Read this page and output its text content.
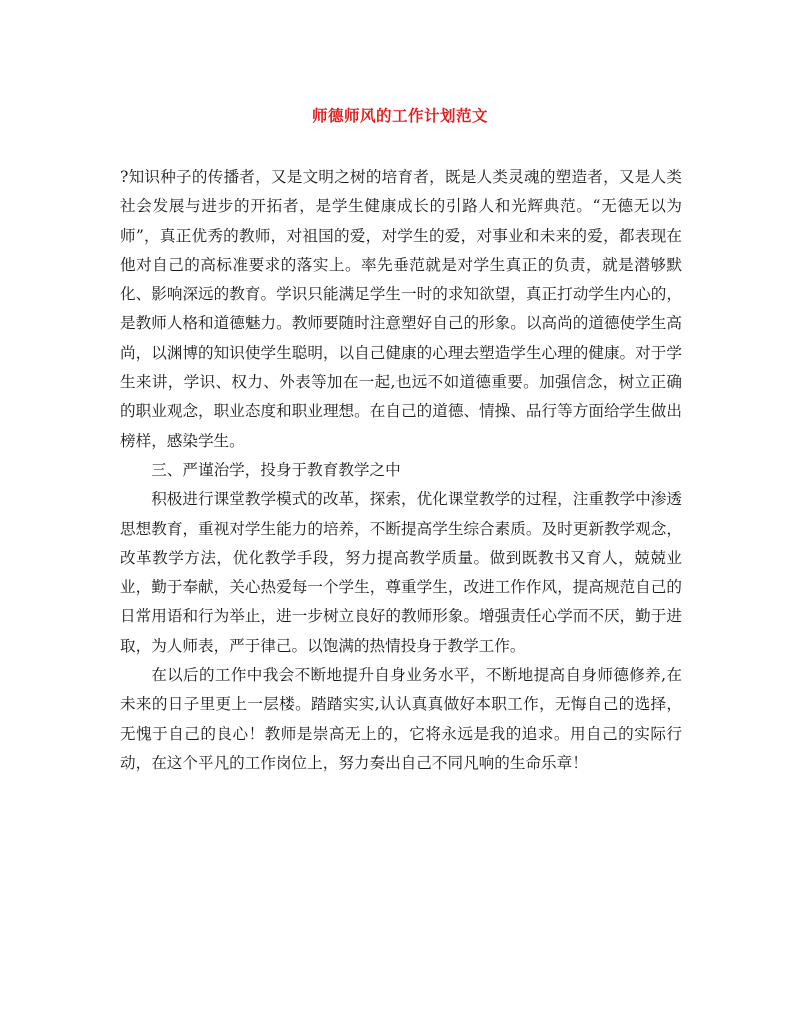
师德师风的工作计划范文

?知识种子的传播者，又是文明之树的培育者，既是人类灵魂的塑造者，又是人类社会发展与进步的开拓者，是学生健康成长的引路人和光辉典范。“无德无以为师”，真正优秀的教师，对祖国的爱，对学生的爱，对事业和未来的爱，都表现在他对自己的高标准要求的落实上。率先垂范就是对学生真正的负责，就是潜够默化、影响深远的教育。学识只能满足学生一时的求知欲望，真正打动学生内心的，是教师人格和道德魅力。教师要随时注意塑好自己的形象。以高尚的道德使学生高尚，以渊博的知识使学生聪明，以自己健康的心理去塑造学生心理的健康。对于学生来讲，学识、权力、外表等加在一起,也远不如道德重要。加强信念，树立正确的职业观念，职业态度和职业理想。在自己的道德、情操、品行等方面给学生做出榜样，感染学生。

三、严谨治学，投身于教育教学之中

积极进行课堂教学模式的改革，探索，优化课堂教学的过程，注重教学中渗透思想教育，重视对学生能力的培养，不断提高学生综合素质。及时更新教学观念，改革教学方法，优化教学手段，努力提高教学质量。做到既教书又育人，兢兢业业，勤于奉献，关心热爱每一个学生，尊重学生，改进工作作风，提高规范自己的日常用语和行为举止，进一步树立良好的教师形象。增强责任心学而不厌，勤于进取，为人师表，严于律己。以饱满的热情投身于教学工作。

在以后的工作中我会不断地提升自身业务水平，不断地提高自身师德修养,在未来的日子里更上一层楼。踏踏实实,认认真真做好本职工作，无悔自己的选择，无愧于自己的良心！教师是崇高无上的，它将永远是我的追求。用自己的实际行动，在这个平凡的工作岗位上，努力奏出自己不同凡响的生命乐章！
